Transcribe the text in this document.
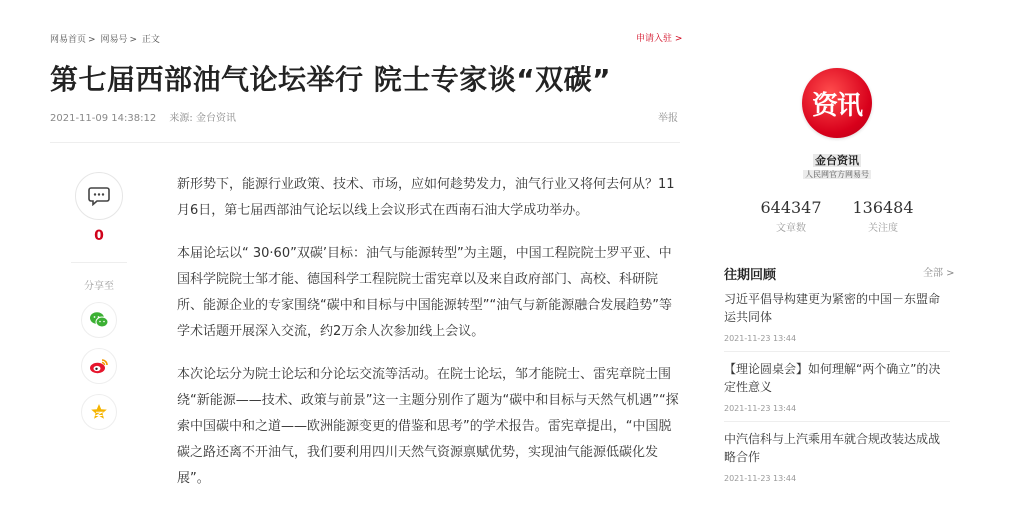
网易首页 > 网易号 > 正文	申请入驻 >
第七届西部油气论坛举行 院士专家谈“双碳”
2021-11-09 14:38:12 来源: 金台资讯	举报
0
分享至

新形势下，能源行业政策、技术、市场，应如何趁势发力，油气行业又将何去何从？11月6日，第七届西部油气论坛以线上会议形式在西南石油大学成功举办。

本届论坛以“ 30·60”双碳’目标：油气与能源转型”为主题，中国工程院院士罗平亚、中国科学院院士邹才能、德国科学工程院院士雷宪章以及来自政府部门、高校、科研院所、能源企业的专家围绕“碳中和目标与中国能源转型”“油气与新能源融合发展趋势”等学术话题开展深入交流，约2万余人次参加线上会议。

本次论坛分为院士论坛和分论坛交流等活动。在院士论坛，邹才能院士、雷宪章院士围绕“新能源——技术、政策与前景”这一主题分别作了题为“碳中和目标与天然气机遇”“探索中国碳中和之道——欧洲能源变更的借鉴和思考”的学术报告。雷宪章提出，“中国脱碳之路还离不开油气，我们要利用四川天然气资源禀赋优势，实现油气能源低碳化发展”。

资讯
金台资讯
人民网官方网易号
644347
文章数
136484
关注度
往期回顾	全部 >
习近平倡导构建更为紧密的中国－东盟命运共同体
2021-11-23 13:44
【理论圆桌会】如何理解“两个确立”的决定性意义
2021-11-23 13:44
中汽信科与上汽乘用车就合规改装达成战略合作
2021-11-23 13:44
